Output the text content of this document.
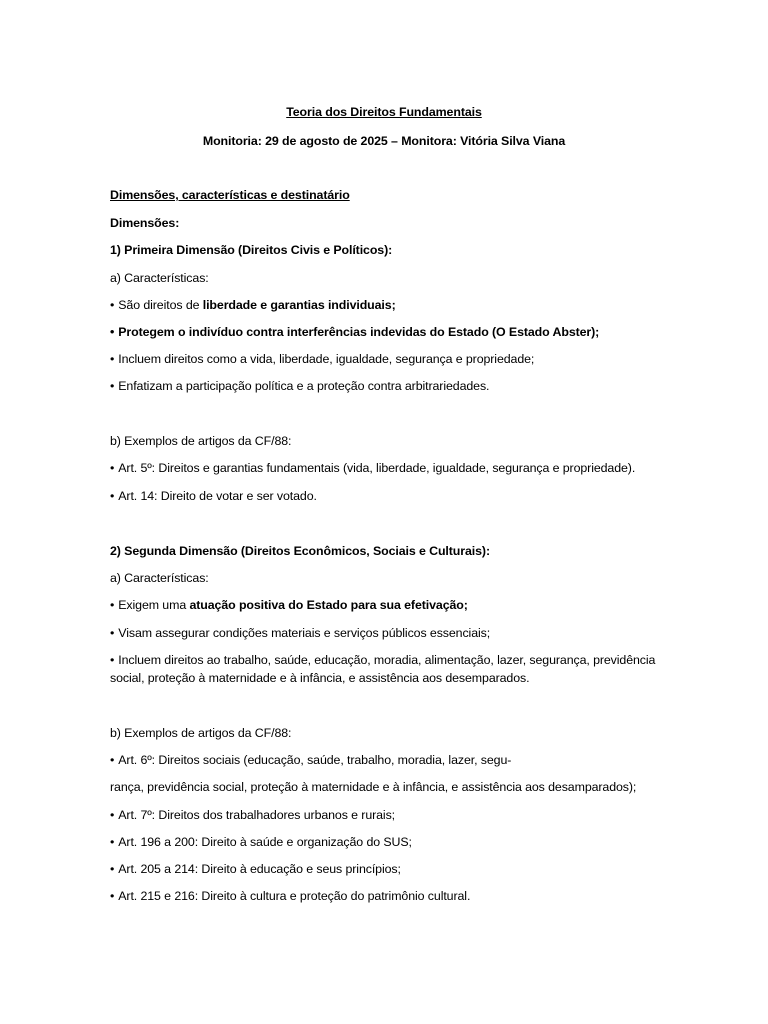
Teoria dos Direitos Fundamentais
Monitoria: 29 de agosto de 2025 – Monitora: Vitória Silva Viana
Dimensões, características e destinatário
Dimensões:
1) Primeira Dimensão (Direitos Civis e Políticos):
a) Características:
• São direitos de liberdade e garantias individuais;
• Protegem o indivíduo contra interferências indevidas do Estado (O Estado Abster);
• Incluem direitos como a vida, liberdade, igualdade, segurança e propriedade;
• Enfatizam a participação política e a proteção contra arbitrariedades.
b) Exemplos de artigos da CF/88:
• Art. 5º: Direitos e garantias fundamentais (vida, liberdade, igualdade, segurança e propriedade).
• Art. 14: Direito de votar e ser votado.
2) Segunda Dimensão (Direitos Econômicos, Sociais e Culturais):
a) Características:
• Exigem uma atuação positiva do Estado para sua efetivação;
• Visam assegurar condições materiais e serviços públicos essenciais;
• Incluem direitos ao trabalho, saúde, educação, moradia, alimentação, lazer, segurança, previdência
social, proteção à maternidade e à infância, e assistência aos desemparados.
b) Exemplos de artigos da CF/88:
• Art. 6º: Direitos sociais (educação, saúde, trabalho, moradia, lazer, segu-
rança, previdência social, proteção à maternidade e à infância, e assistência aos desamparados);
• Art. 7º: Direitos dos trabalhadores urbanos e rurais;
• Art. 196 a 200: Direito à saúde e organização do SUS;
• Art. 205 a 214: Direito à educação e seus princípios;
• Art. 215 e 216: Direito à cultura e proteção do patrimônio cultural.
